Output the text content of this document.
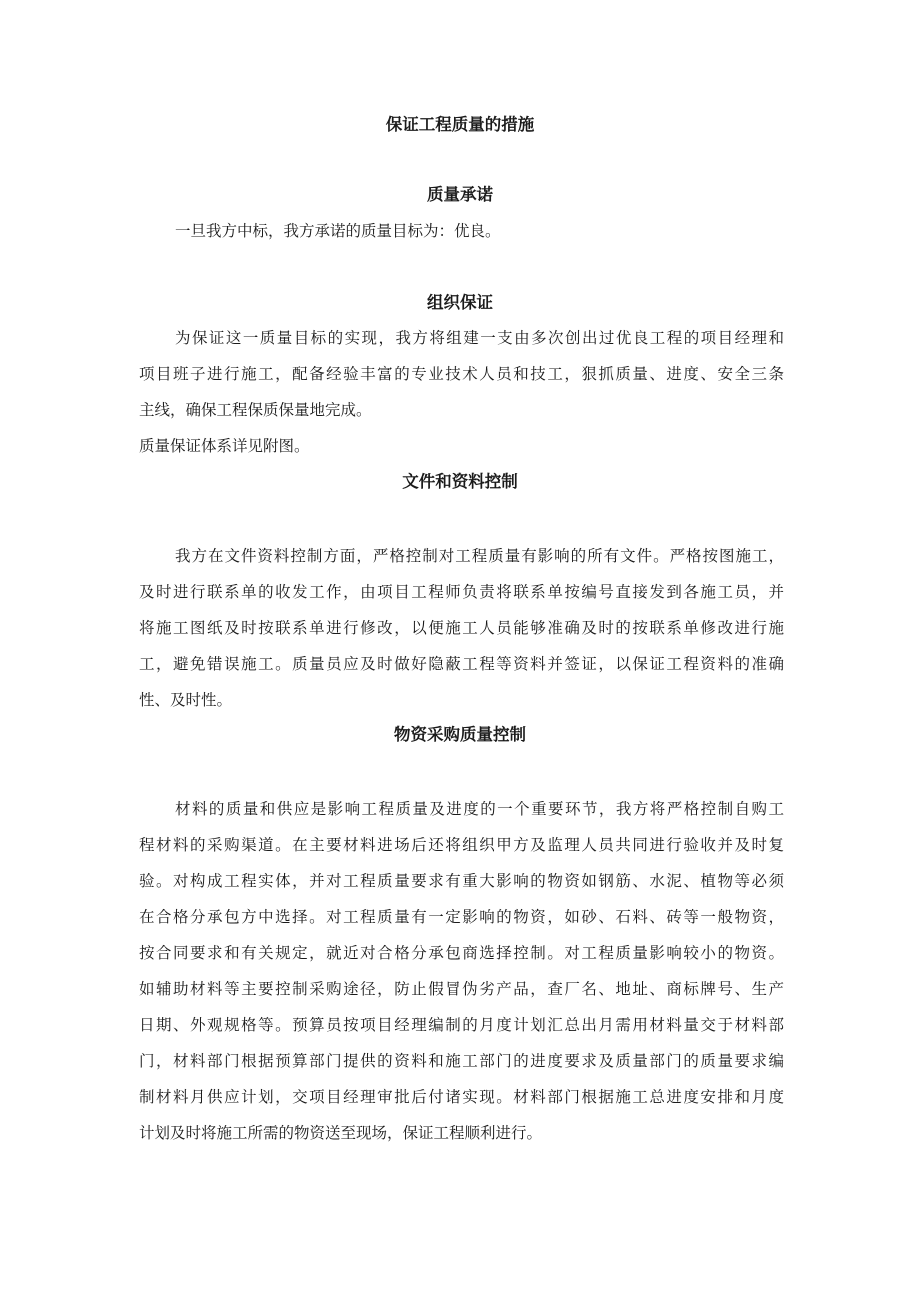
保证工程质量的措施
质量承诺

一旦我方中标，我方承诺的质量目标为：优良。

组织保证

为保证这一质量目标的实现，我方将组建一支由多次创出过优良工程的项目经理和

项目班子进行施工，配备经验丰富的专业技术人员和技工，狠抓质量、进度、安全三条

主线，确保工程保质保量地完成。

质量保证体系详见附图。

文件和资料控制

我方在文件资料控制方面，严格控制对工程质量有影响的所有文件。严格按图施工，

及时进行联系单的收发工作，由项目工程师负责将联系单按编号直接发到各施工员，并

将施工图纸及时按联系单进行修改，以便施工人员能够准确及时的按联系单修改进行施

工，避免错误施工。质量员应及时做好隐蔽工程等资料并签证，以保证工程资料的准确

性、及时性。

物资采购质量控制

材料的质量和供应是影响工程质量及进度的一个重要环节，我方将严格控制自购工

程材料的采购渠道。在主要材料进场后还将组织甲方及监理人员共同进行验收并及时复

验。对构成工程实体，并对工程质量要求有重大影响的物资如钢筋、水泥、植物等必须

在合格分承包方中选择。对工程质量有一定影响的物资，如砂、石料、砖等一般物资，

按合同要求和有关规定，就近对合格分承包商选择控制。对工程质量影响较小的物资。

如辅助材料等主要控制采购途径，防止假冒伪劣产品，查厂名、地址、商标牌号、生产

日期、外观规格等。预算员按项目经理编制的月度计划汇总出月需用材料量交于材料部

门，材料部门根据预算部门提供的资料和施工部门的进度要求及质量部门的质量要求编

制材料月供应计划，交项目经理审批后付诸实现。材料部门根据施工总进度安排和月度

计划及时将施工所需的物资送至现场，保证工程顺利进行。
